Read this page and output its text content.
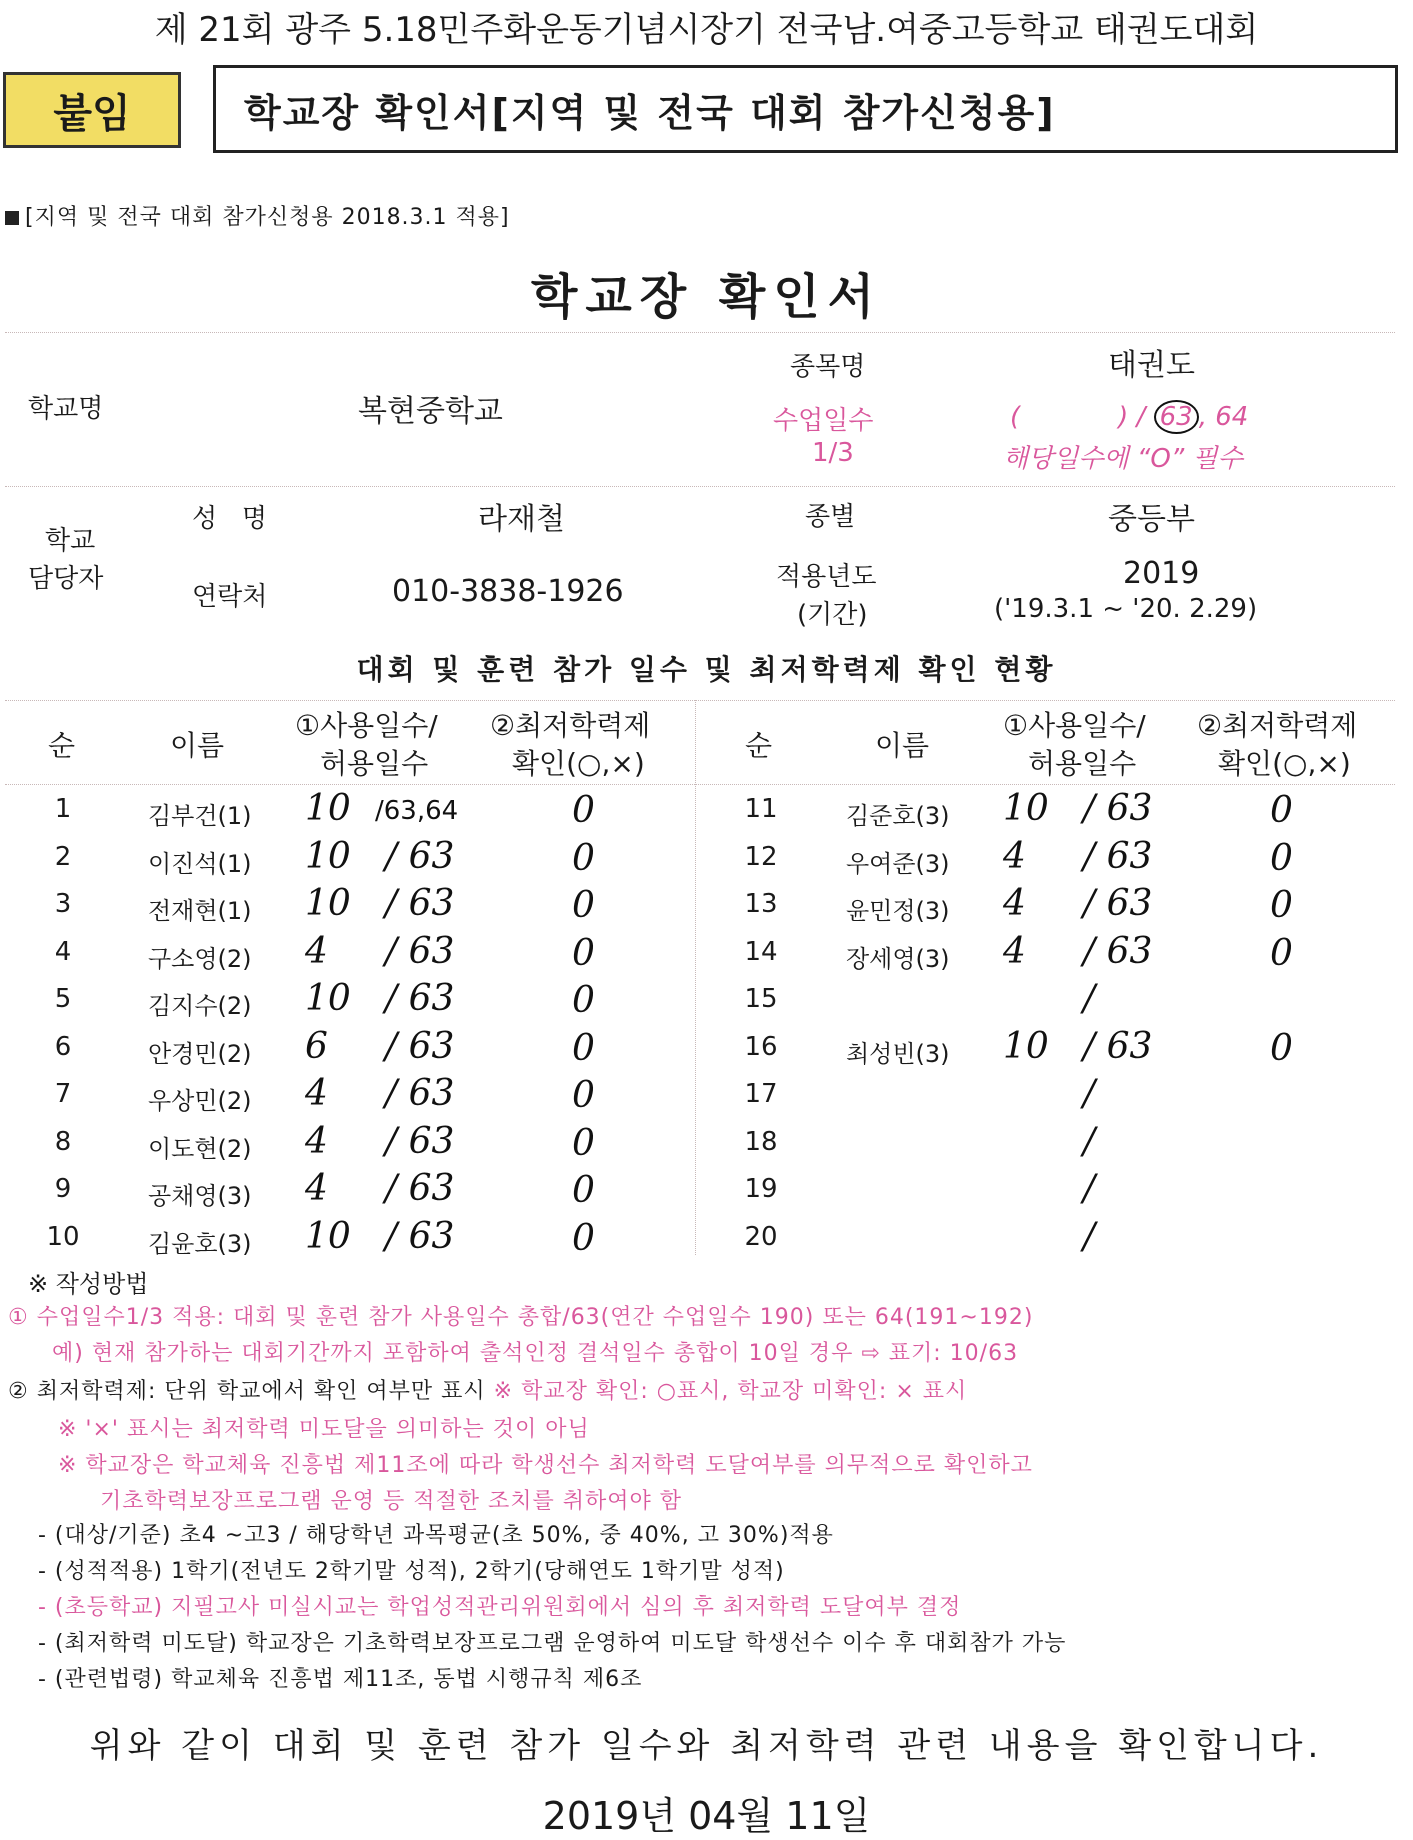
제 21회 광주 5.18민주화운동기념시장기 전국남.여중고등학교 태권도대회
붙임	학교장 확인서[지역 및 전국 대회 참가신청용]
[지역 및 전국 대회 참가신청용 2018.3.1 적용]
학교장 확인서
학교명	복현중학교
종목명	태권도
수업일수
1/3
(	) / 63 , 64
해당일수에 “O” 필수
학교
담당자
성   명	라재철	종별	중등부
연락처	010-3838-1926	적용년도
(기간)
2019
('19.3.1 ~ '20. 2.29)
대회 및 훈련 참가 일수 및 최저학력제 확인 현황
순	이름
①사용일수/
허용일수
②최저학력제
확인(○,×)
순	이름
①사용일수/
허용일수
②최저학력제
확인(○,×)
1	김부건(1) 10 /63,64	0
2	이진석(1) 10 / 63	0
3	전재현(1) 10 / 63	0
4	구소영(2) 4 / 63	0
5	김지수(2) 10 / 63	0
6	안경민(2) 6 / 63	0
7	우상민(2) 4 / 63	0
8	이도현(2) 4 / 63	0
9	공채영(3) 4 / 63	0
10	김윤호(3) 10 / 63	0
11	김준호(3) 10 / 63	0
12	우여준(3) 4 / 63	0
13	윤민정(3) 4 / 63	0
14	장세영(3) 4 / 63	0
15	/
16	최성빈(3) 10 / 63	0
17	/
18	/
19	/
20	/
※ 작성방법
① 수업일수1/3 적용: 대회 및 훈련 참가 사용일수 총합/63(연간 수업일수 190) 또는 64(191~192)
예) 현재 참가하는 대회기간까지 포함하여 출석인정 결석일수 총합이 10일 경우 ⇨ 표기: 10/63
② 최저학력제: 단위 학교에서 확인 여부만 표시 ※ 학교장 확인: ○표시, 학교장 미확인: × 표시
※ '×' 표시는 최저학력 미도달을 의미하는 것이 아님
※ 학교장은 학교체육 진흥법 제11조에 따라 학생선수 최저학력 도달여부를 의무적으로 확인하고
기초학력보장프로그램 운영 등 적절한 조치를 취하여야 함
- (대상/기준) 초4 ~고3 / 해당학년 과목평균(초 50%, 중 40%, 고 30%)적용
- (성적적용) 1학기(전년도 2학기말 성적), 2학기(당해연도 1학기말 성적)
- (초등학교) 지필고사 미실시교는 학업성적관리위원회에서 심의 후 최저학력 도달여부 결정
- (최저학력 미도달) 학교장은 기초학력보장프로그램 운영하여 미도달 학생선수 이수 후 대회참가 가능
- (관련법령) 학교체육 진흥법 제11조, 동법 시행규칙 제6조
위와 같이 대회 및 훈련 참가 일수와 최저학력 관련 내용을 확인합니다.
2019년 04월 11일
